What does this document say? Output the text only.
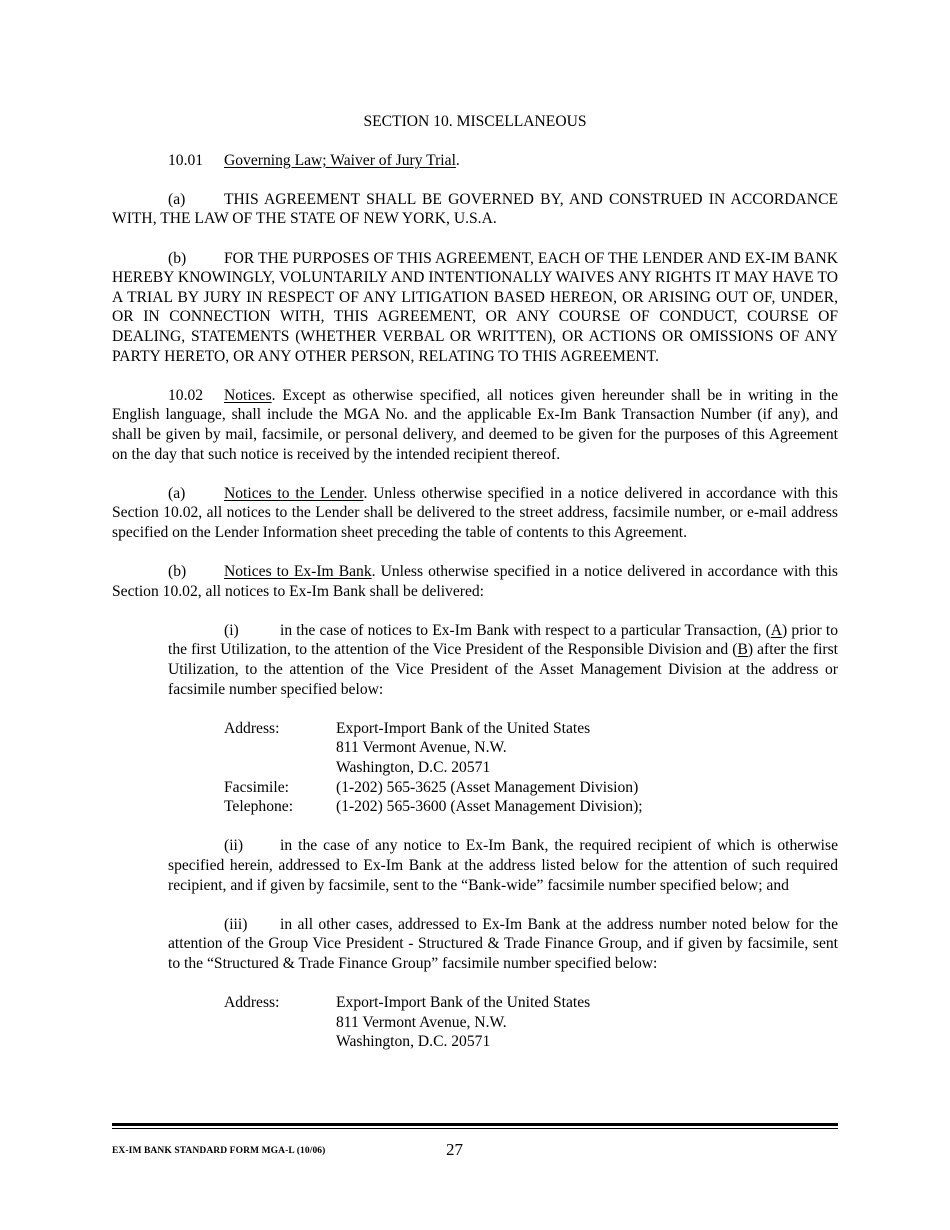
SECTION 10. MISCELLANEOUS

10.01 Governing Law; Waiver of Jury Trial.

(a) THIS AGREEMENT SHALL BE GOVERNED BY, AND CONSTRUED IN ACCORDANCE WITH, THE LAW OF THE STATE OF NEW YORK, U.S.A.

(b) FOR THE PURPOSES OF THIS AGREEMENT, EACH OF THE LENDER AND EX-IM BANK HEREBY KNOWINGLY, VOLUNTARILY AND INTENTIONALLY WAIVES ANY RIGHTS IT MAY HAVE TO A TRIAL BY JURY IN RESPECT OF ANY LITIGATION BASED HEREON, OR ARISING OUT OF, UNDER, OR IN CONNECTION WITH, THIS AGREEMENT, OR ANY COURSE OF CONDUCT, COURSE OF DEALING, STATEMENTS (WHETHER VERBAL OR WRITTEN), OR ACTIONS OR OMISSIONS OF ANY PARTY HERETO, OR ANY OTHER PERSON, RELATING TO THIS AGREEMENT.

10.02 Notices. Except as otherwise specified, all notices given hereunder shall be in writing in the English language, shall include the MGA No. and the applicable Ex-Im Bank Transaction Number (if any), and shall be given by mail, facsimile, or personal delivery, and deemed to be given for the purposes of this Agreement on the day that such notice is received by the intended recipient thereof.

(a) Notices to the Lender. Unless otherwise specified in a notice delivered in accordance with this Section 10.02, all notices to the Lender shall be delivered to the street address, facsimile number, or e-mail address specified on the Lender Information sheet preceding the table of contents to this Agreement.

(b) Notices to Ex-Im Bank. Unless otherwise specified in a notice delivered in accordance with this Section 10.02, all notices to Ex-Im Bank shall be delivered:

(i)	in the case of notices to Ex-Im Bank with respect to a particular Transaction, (A) prior to the first Utilization, to the attention of the Vice President of the Responsible Division and (B) after the first Utilization, to the attention of the Vice President of the Asset Management Division at the address or facsimile number specified below:

Address:	Export-Import Bank of the United States
811 Vermont Avenue, N.W.
Washington, D.C. 20571
Facsimile:	(1-202) 565-3625 (Asset Management Division)
Telephone:	(1-202) 565-3600 (Asset Management Division);

(ii) in the case of any notice to Ex-Im Bank, the required recipient of which is otherwise specified herein, addressed to Ex-Im Bank at the address listed below for the attention of such required recipient, and if given by facsimile, sent to the “Bank-wide” facsimile number specified below; and

(iii) in all other cases, addressed to Ex-Im Bank at the address number noted below for the attention of the Group Vice President - Structured & Trade Finance Group, and if given by facsimile, sent to the “Structured & Trade Finance Group” facsimile number specified below:

Address:	Export-Import Bank of the United States
811 Vermont Avenue, N.W.
Washington, D.C. 20571
EX-IM BANK STANDARD FORM MGA-L (10/06)	27
